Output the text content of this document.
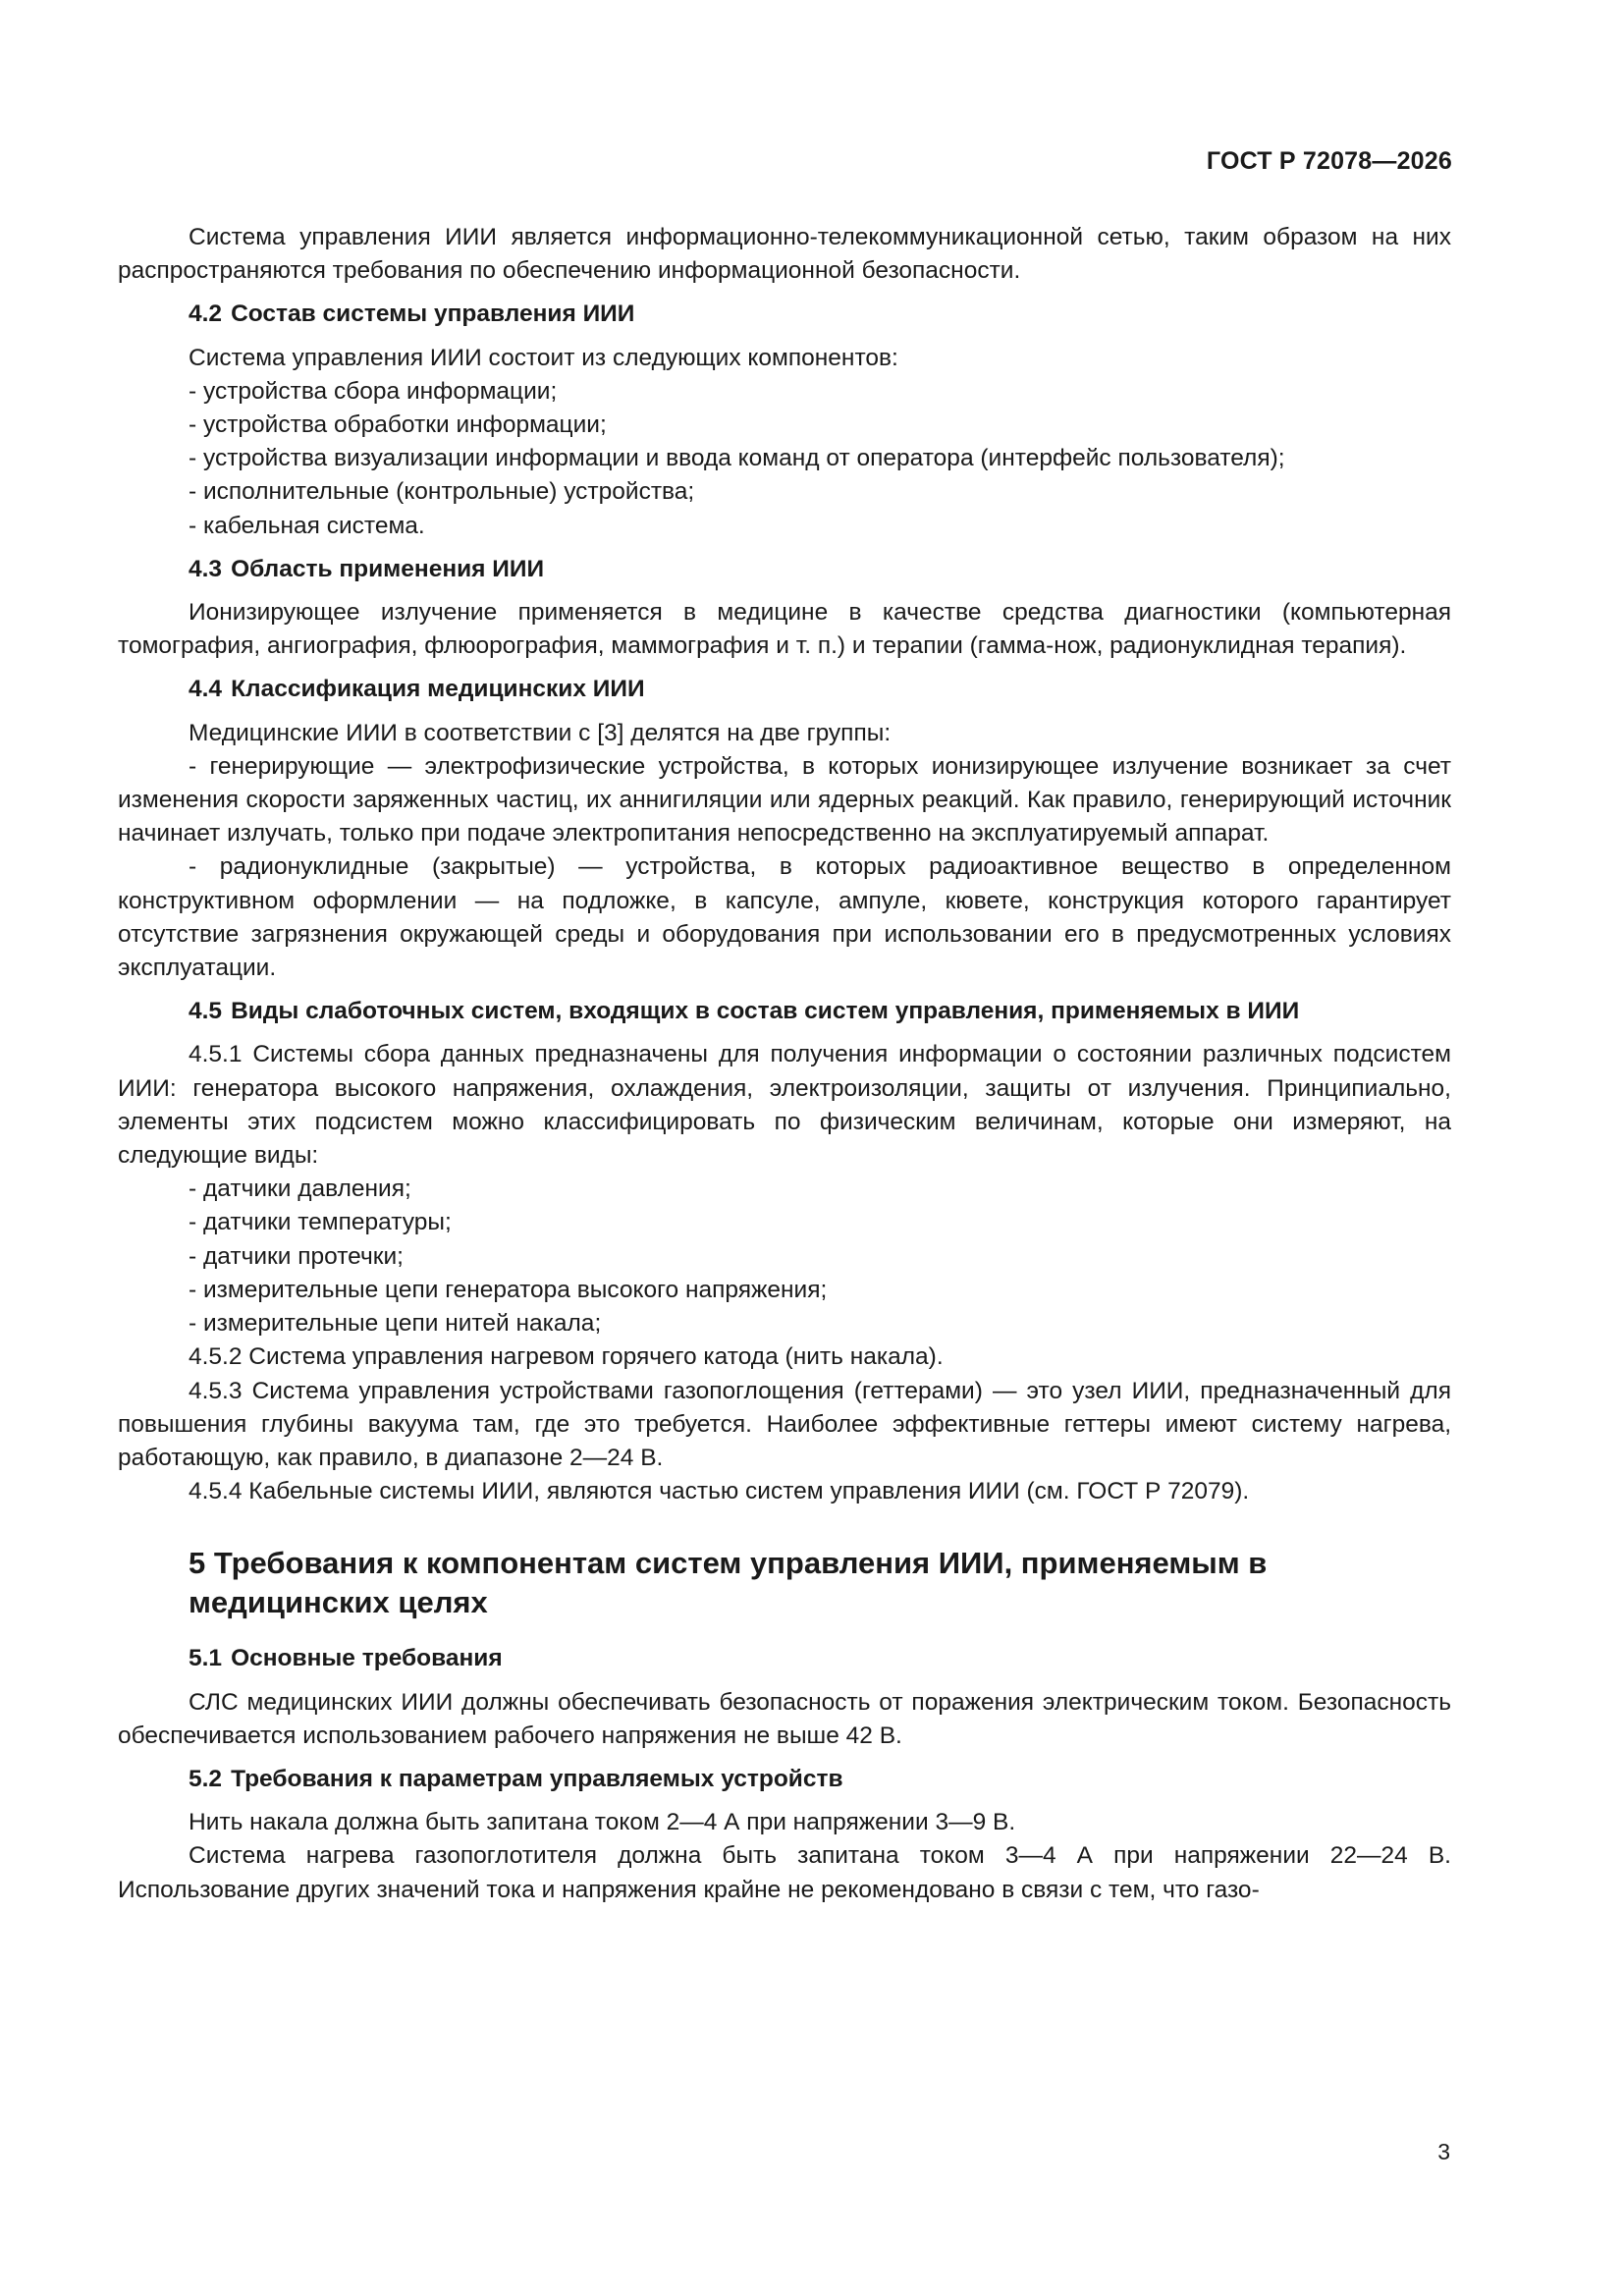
ГОСТ Р 72078—2026

Система управления ИИИ является информационно-телекоммуникационной сетью, таким образом на них распространяются требования по обеспечению информационной безопасности.

4.2 Состав системы управления ИИИ

Система управления ИИИ состоит из следующих компонентов:

- устройства сбора информации;

- устройства обработки информации;

- устройства визуализации информации и ввода команд от оператора (интерфейс пользователя);

- исполнительные (контрольные) устройства;

- кабельная система.

4.3 Область применения ИИИ

Ионизирующее излучение применяется в медицине в качестве средства диагностики (компьютерная томография, ангиография, флюорография, маммография и т. п.) и терапии (гамма-нож, радионуклидная терапия).

4.4 Классификация медицинских ИИИ

Медицинские ИИИ в соответствии с [3] делятся на две группы:

- генерирующие — электрофизические устройства, в которых ионизирующее излучение возникает за счет изменения скорости заряженных частиц, их аннигиляции или ядерных реакций. Как правило, генерирующий источник начинает излучать, только при подаче электропитания непосредственно на эксплуатируемый аппарат.

- радионуклидные (закрытые) — устройства, в которых радиоактивное вещество в определенном конструктивном оформлении — на подложке, в капсуле, ампуле, кювете, конструкция которого гарантирует отсутствие загрязнения окружающей среды и оборудования при использовании его в предусмотренных условиях эксплуатации.

4.5 Виды слаботочных систем, входящих в состав систем управления, применяемых в ИИИ

4.5.1 Системы сбора данных предназначены для получения информации о состоянии различных подсистем ИИИ: генератора высокого напряжения, охлаждения, электроизоляции, защиты от излучения. Принципиально, элементы этих подсистем можно классифицировать по физическим величинам, которые они измеряют, на следующие виды:

- датчики давления;

- датчики температуры;

- датчики протечки;

- измерительные цепи генератора высокого напряжения;

- измерительные цепи нитей накала;

4.5.2 Система управления нагревом горячего катода (нить накала).

4.5.3 Система управления устройствами газопоглощения (геттерами) — это узел ИИИ, предназначенный для повышения глубины вакуума там, где это требуется. Наиболее эффективные геттеры имеют систему нагрева, работающую, как правило, в диапазоне 2—24 В.

4.5.4 Кабельные системы ИИИ, являются частью систем управления ИИИ (см. ГОСТ Р 72079).

5 Требования к компонентам систем управления ИИИ, применяемым в медицинских целях
5.1 Основные требования

СЛС медицинских ИИИ должны обеспечивать безопасность от поражения электрическим током. Безопасность обеспечивается использованием рабочего напряжения не выше 42 В.

5.2 Требования к параметрам управляемых устройств

Нить накала должна быть запитана током 2—4 А при напряжении 3—9 В.

Система нагрева газопоглотителя должна быть запитана током 3—4 А при напряжении 22—24 В. Использование других значений тока и напряжения крайне не рекомендовано в связи с тем, что газо-

3
